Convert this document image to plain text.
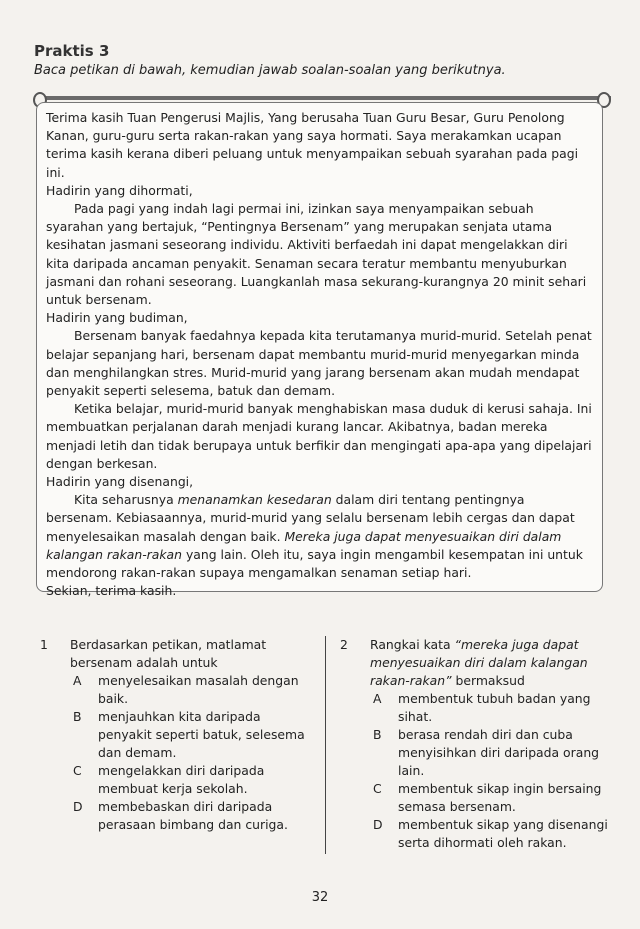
Praktis 3
Baca petikan di bawah, kemudian jawab soalan-soalan yang berikutnya.

Terima kasih Tuan Pengerusi Majlis, Yang berusaha Tuan Guru Besar, Guru Penolong Kanan, guru-guru serta rakan-rakan yang saya hormati. Saya merakamkan ucapan terima kasih kerana diberi peluang untuk menyampaikan sebuah syarahan pada pagi ini.

Hadirin yang dihormati,

Pada pagi yang indah lagi permai ini, izinkan saya menyampaikan sebuah syarahan yang bertajuk, “Pentingnya Bersenam” yang merupakan senjata utama kesihatan jasmani seseorang individu. Aktiviti berfaedah ini dapat mengelakkan diri kita daripada ancaman penyakit. Senaman secara teratur membantu menyuburkan jasmani dan rohani seseorang. Luangkanlah masa sekurang-kurangnya 20 minit sehari untuk bersenam.

Hadirin yang budiman,

Bersenam banyak faedahnya kepada kita terutamanya murid-murid. Setelah penat belajar sepanjang hari, bersenam dapat membantu murid-murid menyegarkan minda dan menghilangkan stres. Murid-murid yang jarang bersenam akan mudah mendapat penyakit seperti selesema, batuk dan demam.

Ketika belajar, murid-murid banyak menghabiskan masa duduk di kerusi sahaja. Ini membuatkan perjalanan darah menjadi kurang lancar. Akibatnya, badan mereka menjadi letih dan tidak berupaya untuk berfikir dan mengingati apa-apa yang dipelajari dengan berkesan.

Hadirin yang disenangi,

Kita seharusnya menanamkan kesedaran dalam diri tentang pentingnya bersenam. Kebiasaannya, murid-murid yang selalu bersenam lebih cergas dan dapat menyelesaikan masalah dengan baik. Mereka juga dapat menyesuaikan diri dalam kalangan rakan-rakan yang lain. Oleh itu, saya ingin mengambil kesempatan ini untuk mendorong rakan-rakan supaya mengamalkan senaman setiap hari.

Sekian, terima kasih.

1 Berdasarkan petikan, matlamat bersenam adalah untuk
A menyelesaikan masalah dengan baik.
B menjauhkan kita daripada penyakit seperti batuk, selesema dan demam.
C mengelakkan diri daripada membuat kerja sekolah.
D membebaskan diri daripada perasaan bimbang dan curiga.
2 Rangkai kata “mereka juga dapat menyesuaikan diri dalam kalangan rakan-rakan” bermaksud
A membentuk tubuh badan yang sihat.
B berasa rendah diri dan cuba menyisihkan diri daripada orang lain.
C membentuk sikap ingin bersaing semasa bersenam.
D membentuk sikap yang disenangi serta dihormati oleh rakan.
32
